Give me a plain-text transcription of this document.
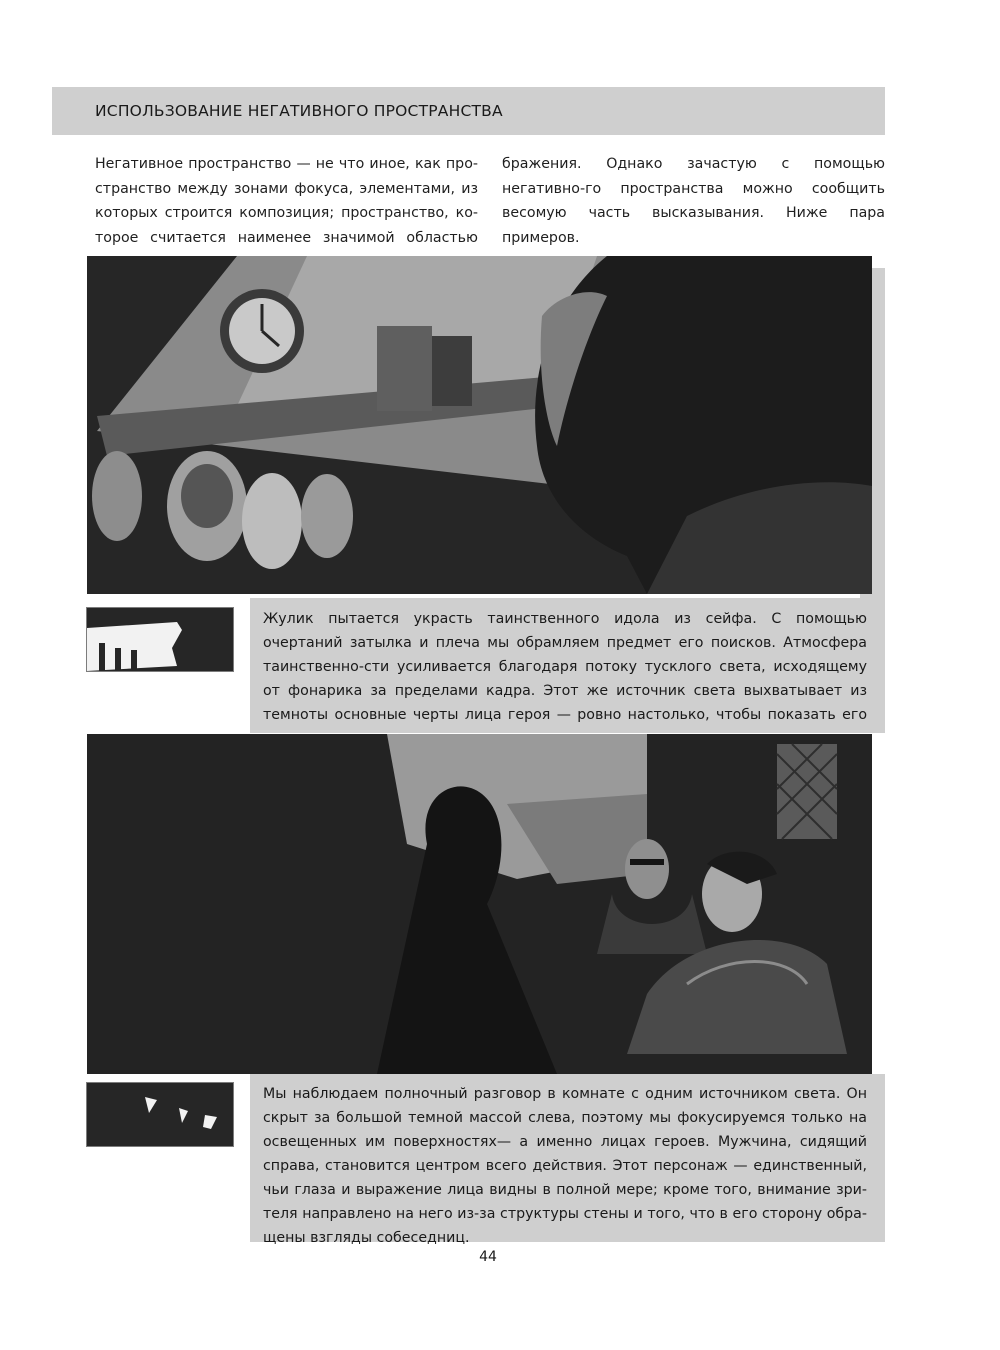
ИСПОЛЬЗОВАНИЕ НЕГАТИВНОГО ПРОСТРАНСТВА

Негативное пространство — не что иное, как про-странство между зонами фокуса, элементами, из которых строится композиция; пространство, ко-торое считается наименее значимой областью

бражения. Однако зачастую с помощью негативно-го пространства можно сообщить весомую часть высказывания. Ниже пара примеров.

Жулик пытается украсть таинственного идола из сейфа. С помощью очертаний затылка и плеча мы обрамляем предмет его поисков. Атмосфера таинственно-сти усиливается благодаря потоку тусклого света, исходящему от фонарика за пределами кадра. Этот же источник света выхватывает из темноты основные черты лица героя — ровно настолько, чтобы показать его

Мы наблюдаем полночный разговор в комнате с одним источником света. Он скрыт за большой темной массой слева, поэтому мы фокусируемся только на освещенных им поверхностях— а именно лицах героев. Мужчина, сидящий справа, становится центром всего действия. Этот персонаж — единственный, чьи глаза и выражение лица видны в полной мере; кроме того, внимание зри-теля направлено на него из-за структуры стены и того, что в его сторону обра-щены взгляды собеседниц.

44
